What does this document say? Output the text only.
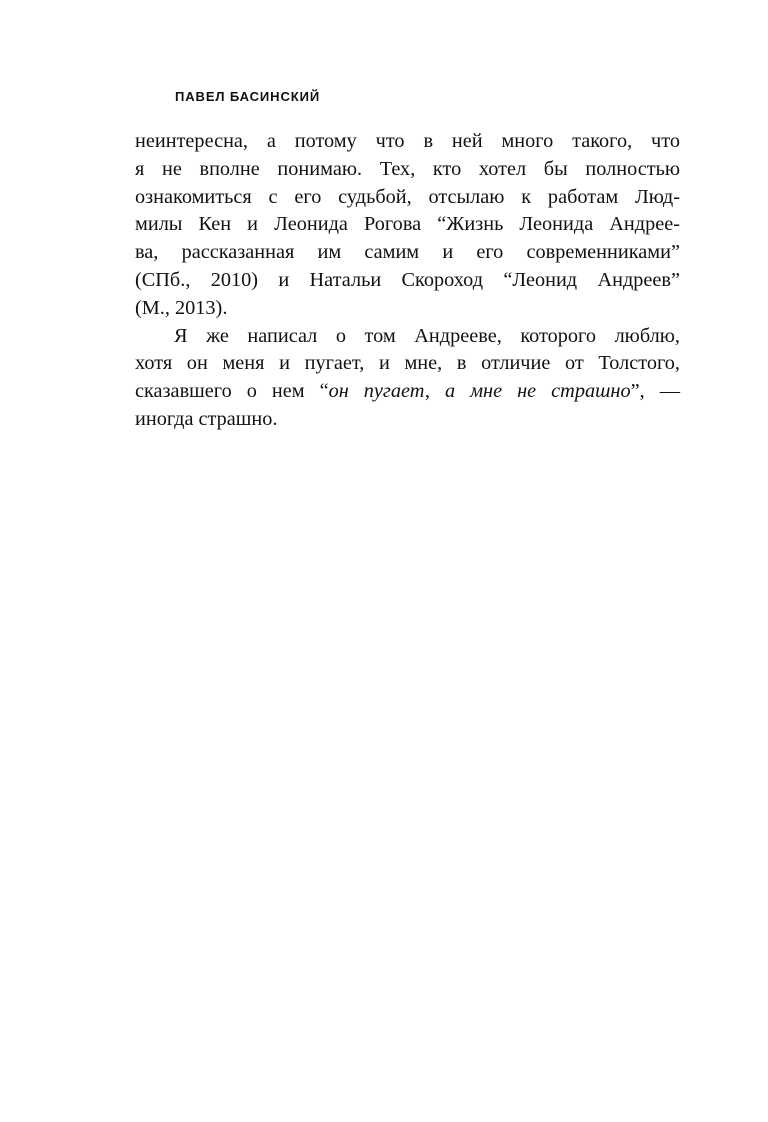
ПАВЕЛ БАСИНСКИЙ
неинтересна, а потому что в ней много такого, что
я не вполне понимаю. Тех, кто хотел бы полностью
ознакомиться с его судьбой, отсылаю к работам Люд-
милы Кен и Леонида Рогова “Жизнь Леонида Андрее-
ва, рассказанная им самим и его современниками”
(СПб., 2010) и Натальи Скороход “Леонид Андреев”
(М., 2013).
Я же написал о том Андрееве, которого люблю,
хотя он меня и пугает, и мне, в отличие от Толстого,
сказавшего о нем “он пугает, а мне не страшно”, —
иногда страшно.
